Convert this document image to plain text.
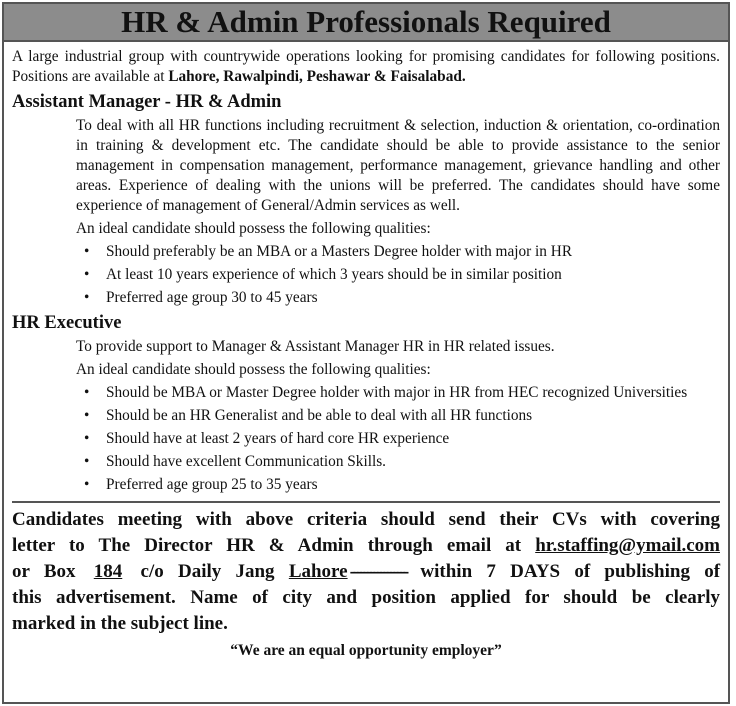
HR & Admin Professionals Required

A large industrial group with countrywide operations looking for promising candidates for following positions. Positions are available at Lahore, Rawalpindi, Peshawar & Faisalabad.

Assistant Manager - HR & Admin

To deal with all HR functions including recruitment & selection, induction & orientation, co-ordination in training & development etc. The candidate should be able to provide assistance to the senior management in compensation management, performance management, grievance handling and other areas. Experience of dealing with the unions will be preferred. The candidates should have some experience of management of General/Admin services as well.

An ideal candidate should possess the following qualities:

• Should preferably be an MBA or a Masters Degree holder with major in HR
• At least 10 years experience of which 3 years should be in similar position
• Preferred age group 30 to 45 years
HR Executive

To provide support to Manager & Assistant Manager HR in HR related issues.

An ideal candidate should possess the following qualities:

• Should be MBA or Master Degree holder with major in HR from HEC recognized Universities
• Should be an HR Generalist and be able to deal with all HR functions
• Should have at least 2 years of hard core HR experience
• Should have excellent Communication Skills.
• Preferred age group 25 to 35 years
Candidates meeting with above criteria should send their CVs with covering
letter to The Director HR & Admin through email at hr.staffing@ymail.com
or Box 184 c/o Daily Jang Lahore ----------------- within 7 DAYS of publishing of
this advertisement. Name of city and position applied for should be clearly
marked in the subject line.
“We are an equal opportunity employer”
